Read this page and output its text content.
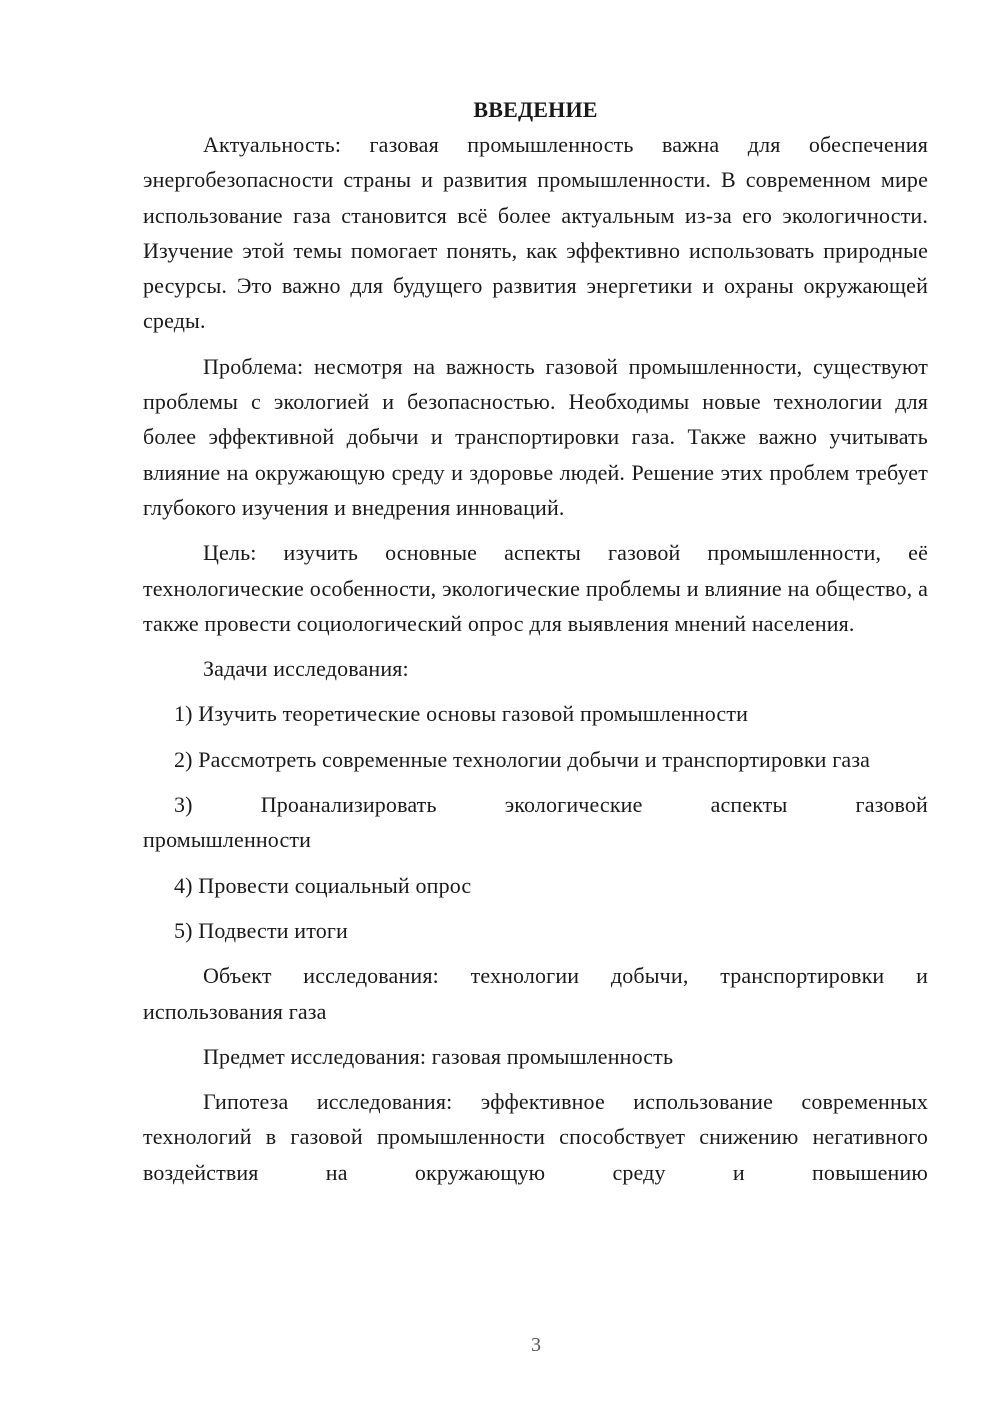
ВВЕДЕНИЕ

Актуальность: газовая промышленность важна для обеспечения энергобезопасности страны и развития промышленности. В современном мире использование газа становится всё более актуальным из-за его экологичности. Изучение этой темы помогает понять, как эффективно использовать природные ресурсы. Это важно для будущего развития энергетики и охраны окружающей среды.

Проблема: несмотря на важность газовой промышленности, существуют проблемы с экологией и безопасностью. Необходимы новые технологии для более эффективной добычи и транспортировки газа. Также важно учитывать влияние на окружающую среду и здоровье людей. Решение этих проблем требует глубокого изучения и внедрения инноваций.

Цель: изучить основные аспекты газовой промышленности, её технологические особенности, экологические проблемы и влияние на общество, а также провести социологический опрос для выявления мнений населения.

Задачи исследования:

1) Изучить теоретические основы газовой промышленности

2) Рассмотреть современные технологии добычи и транспортировки газа

3)	Проанализировать	экологические	аспекты	газовой
промышленности

4) Провести социальный опрос

5) Подвести итоги

Объект исследования: технологии добычи, транспортировки и использования газа

Предмет исследования: газовая промышленность

Гипотеза исследования: эффективное использование современных технологий в газовой промышленности способствует снижению негативного воздействия на окружающую среду и повышению

3
